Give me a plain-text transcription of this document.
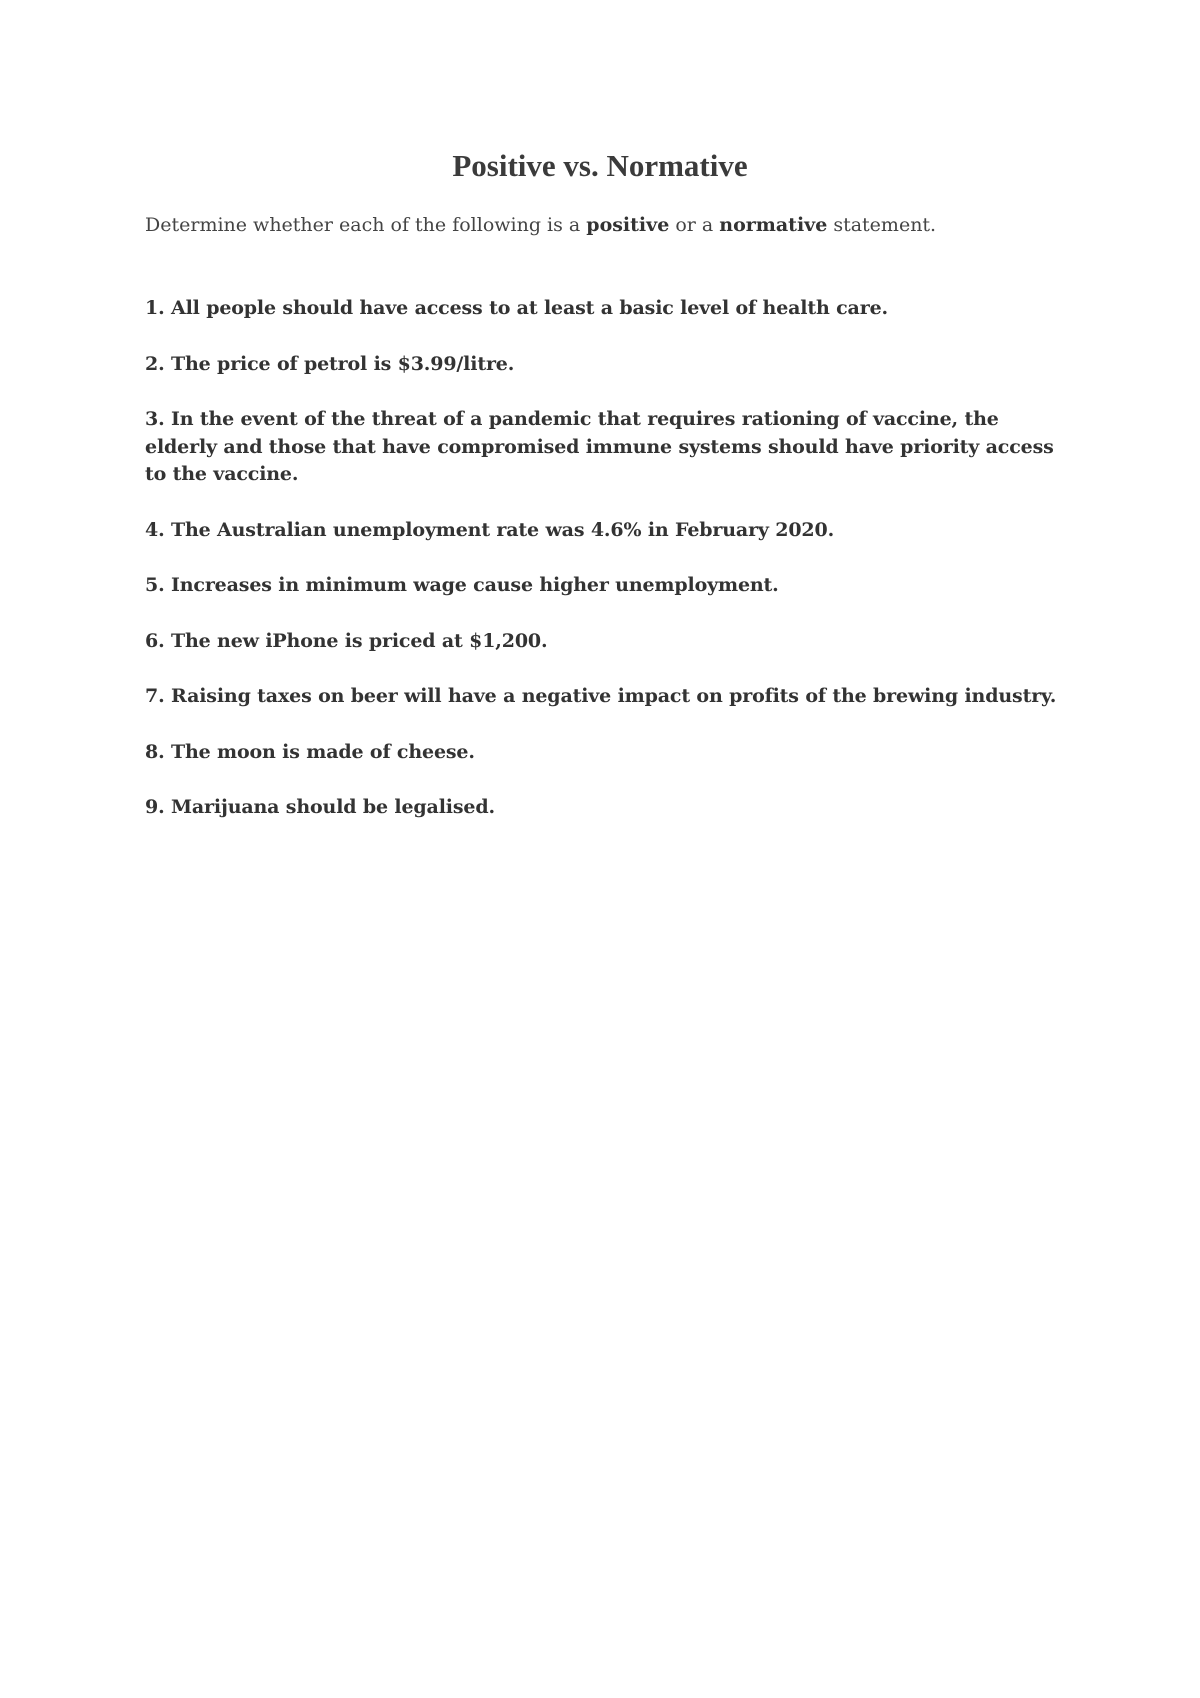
Positive vs. Normative

Determine whether each of the following is a positive or a normative statement.

1. All people should have access to at least a basic level of health care.
2. The price of petrol is $3.99/litre.
3. In the event of the threat of a pandemic that requires rationing of vaccine, the elderly and those that have compromised immune systems should have priority access to the vaccine.
4. The Australian unemployment rate was 4.6% in February 2020.
5. Increases in minimum wage cause higher unemployment.
6. The new iPhone is priced at $1,200.
7. Raising taxes on beer will have a negative impact on profits of the brewing industry.
8. The moon is made of cheese.
9. Marijuana should be legalised.
